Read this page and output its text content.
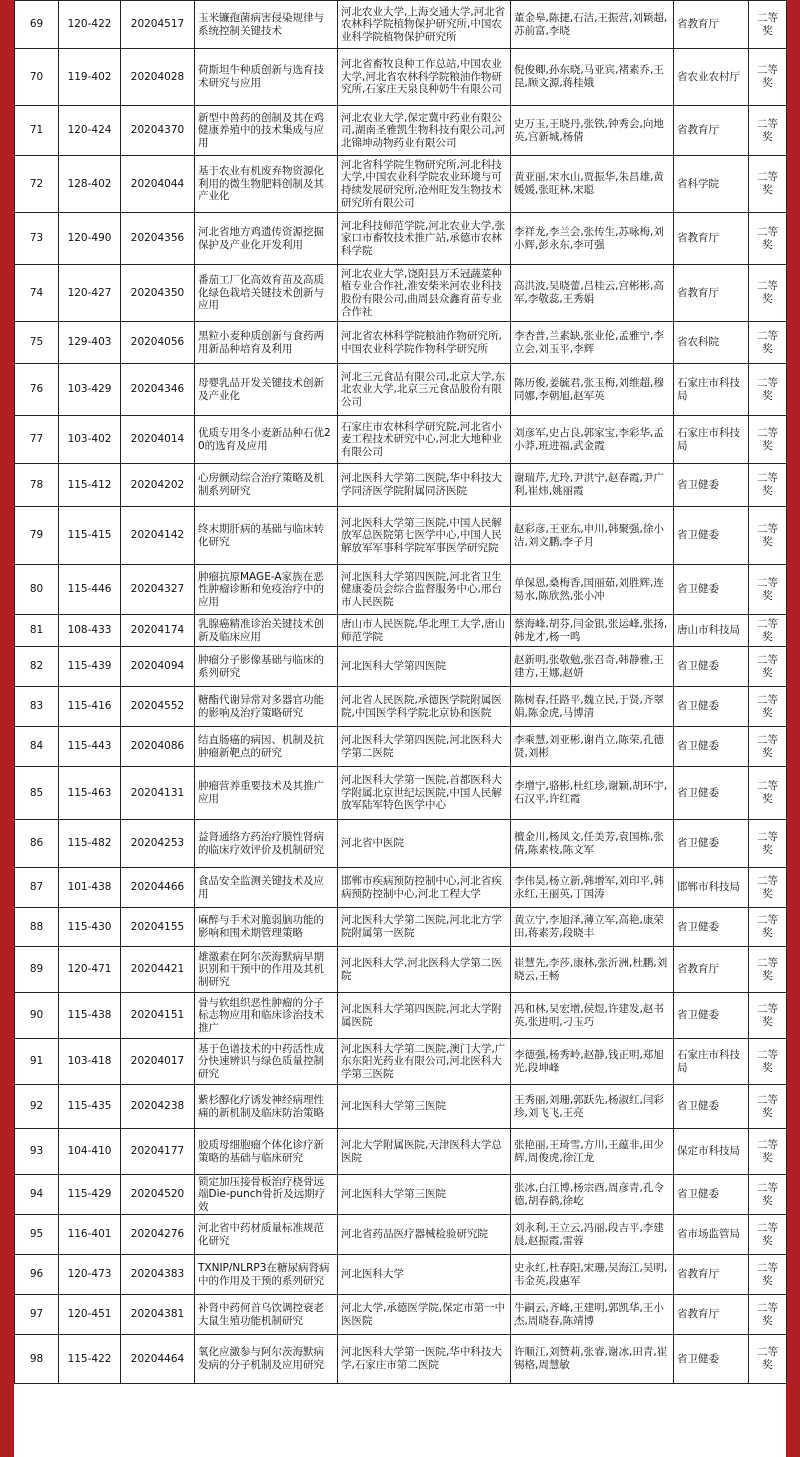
69	120-422	20204517	玉米镰孢菌病害侵染规律与系统控制关键技术	河北农业大学,上海交通大学,河北省农林科学院植物保护研究所,中国农业科学院植物保护研究所	董金皋,陈捷,石洁,王振营,刘颖超,苏前富,李晓	省教育厅	二等奖
70	119-402	20204028	荷斯坦牛种质创新与选育技术研究与应用	河北省畜牧良种工作总站,中国农业大学,河北省农林科学院粮油作物研究所,石家庄天泉良种奶牛有限公司	倪俊卿,孙东晓,马亚宾,褚素乔,王昆,顾文源,蒋桂娥	省农业农村厅	二等奖
71	120-424	20204370	新型中兽药的创制及其在鸡健康养殖中的技术集成与应用	河北农业大学,保定冀中药业有限公司,湖南圣雅凯生物科技有限公司,河北锦坤动物药业有限公司	史万玉,王晓丹,张铁,钟秀会,向地英,宫新城,杨倩	省教育厅	二等奖
72	128-402	20204044	基于农业有机废弃物资源化利用的微生物肥料创制及其产业化	河北省科学院生物研究所,河北科技大学,中国农业科学院农业环境与可持续发展研究所,沧州旺发生物技术研究所有限公司	黄亚丽,宋水山,贾振华,朱昌雄,黄媛媛,张旺林,宋聪	省科学院	二等奖
73	120-490	20204356	河北省地方鸡遗传资源挖掘保护及产业化开发利用	河北科技师范学院,河北农业大学,张家口市畜牧技术推广站,承德市农林科学院	李祥龙,李兰会,张传生,苏咏梅,刘小辉,彭永东,李可强	省教育厅	二等奖
74	120-427	20204350	番茄工厂化高效育苗及高质化绿色栽培关键技术创新与应用	河北农业大学,饶阳县万禾冠蔬菜种植专业合作社,淮安柴米河农业科技股份有限公司,曲周县众鑫育苗专业合作社	高洪波,吴晓蕾,吕桂云,宫彬彬,高军,李敬蕊,王秀娟	省教育厅	二等奖
75	129-403	20204056	黑粒小麦种质创新与食药两用新品种培育及利用	河北省农林科学院粮油作物研究所,中国农业科学院作物科学研究所	李杏普,兰素缺,张业伦,孟雅宁,李立会,刘玉平,李辉	省农科院	二等奖
76	103-429	20204346	母婴乳品开发关键技术创新及产业化	河北三元食品有限公司,北京大学,东北农业大学,北京三元食品股份有限公司	陈历俊,姜毓君,张玉梅,刘维超,穆同娜,李朝旭,赵军英	石家庄市科技局	二等奖
77	103-402	20204014	优质专用冬小麦新品种石优20的选育及应用	石家庄市农林科学研究院,河北省小麦工程技术研究中心,河北大地种业有限公司	刘彦军,史占良,郭家宝,李彩华,孟小莽,班进福,武金霞	石家庄市科技局	二等奖
78	115-412	20204202	心房颤动综合治疗策略及机制系列研究	河北医科大学第二医院,华中科技大学同济医学院附属同济医院	谢瑞芹,尤玲,尹洪宁,赵春霞,尹广利,崔炜,姚丽霞	省卫健委	二等奖
79	115-415	20204142	终末期肝病的基础与临床转化研究	河北医科大学第三医院,中国人民解放军总医院第七医学中心,中国人民解放军军事科学院军事医学研究院	赵彩彦,王亚东,申川,韩聚强,徐小洁,刘文鹏,李子月	省卫健委	二等奖
80	115-446	20204327	肿瘤抗原MAGE-A家族在恶性肿瘤诊断和免疫治疗中的应用	河北医科大学第四医院,河北省卫生健康委员会综合监督服务中心,邢台市人民医院	单保恩,桑梅香,国丽茹,刘胜辉,连易水,陈欣然,张小冲	省卫健委	二等奖
81	108-433	20204174	乳腺癌精准诊治关键技术创新及临床应用	唐山市人民医院,华北理工大学,唐山师范学院	蔡海峰,胡芬,闫金银,张运峰,张扬,韩龙才,杨一鸣	唐山市科技局	二等奖
82	115-439	20204094	肿瘤分子影像基础与临床的系列研究	河北医科大学第四医院	赵新明,张敬勉,张召奇,韩静雅,王建方,王娜,赵妍	省卫健委	二等奖
83	115-416	20204552	糖酯代谢异常对多器官功能的影响及治疗策略研究	河北省人民医院,承德医学院附属医院,中国医学科学院北京协和医院	陈树春,任路平,魏立民,于贤,齐翠娟,陈金虎,马博清	省卫健委	二等奖
84	115-443	20204086	结直肠癌的病因、机制及抗肿瘤新靶点的研究	河北医科大学第四医院,河北医科大学第二医院	李乘慧,刘亚彬,谢肖立,陈荣,孔德贤,刘彬	省卫健委	二等奖
85	115-463	20204131	肿瘤营养重要技术及其推广应用	河北医科大学第一医院,首都医科大学附属北京世纪坛医院,中国人民解放军陆军特色医学中心	李增宁,骆彬,杜红珍,谢颖,胡环宇,石汉平,许红霞	省卫健委	二等奖
86	115-482	20204253	益肾通络方药治疗膜性肾病的临床疗效评价及机制研究	河北省中医院	檀金川,杨凤文,任美芳,袁国栋,张倩,陈素枝,陈文军	省卫健委	二等奖
87	101-438	20204466	食品安全监测关键技术及应用	邯郸市疾病预防控制中心,河北省疾病预防控制中心,河北工程大学	李伟昊,杨立新,韩增军,刘印平,韩永红,王丽英,丁国涛	邯郸市科技局	二等奖
88	115-430	20204155	麻醉与手术对脆弱脑功能的影响和围术期管理策略	河北医科大学第二医院,河北北方学院附属第一医院	黄立宁,李旭泽,薄立军,高艳,康荣田,蒋素芳,段晓丰	省卫健委	二等奖
89	120-471	20204421	雄激素在阿尔茨海默病早期识别和干预中的作用及其机制研究	河北医科大学,河北医科大学第二医院	崔慧先,李莎,康林,张沂洲,杜鹏,刘晓云,王畅	省教育厅	二等奖
90	115-438	20204151	骨与软组织恶性肿瘤的分子标志物应用和临床诊治技术推广	河北医科大学第四医院,河北大学附属医院	冯和林,吴宏增,侯煜,许建发,赵书英,张进明,刁玉巧	省卫健委	二等奖
91	103-418	20204017	基于色谱技术的中药活性成分快速辨识与绿色质量控制研究	河北医科大学第二医院,澳门大学,广东东阳光药业有限公司,河北医科大学第三医院	李德强,杨秀岭,赵静,钱正明,郑旭光,段坤峰	石家庄市科技局	二等奖
92	115-435	20204238	紫杉醇化疗诱发神经病理性痛的新机制及临床防治策略	河北医科大学第三医院	王秀丽,刘珊,郭跃先,杨淑红,闫彩珍,刘飞飞,王亮	省卫健委	二等奖
93	104-410	20204177	胶质母细胞瘤个体化诊疗新策略的基础与临床研究	河北大学附属医院,天津医科大学总医院	张艳丽,王琦雪,方川,王蕴非,田少辉,周俊虎,徐江龙	保定市科技局	二等奖
94	115-429	20204520	锁定加压接骨板治疗桡骨远端Die-punch骨折及远期疗效	河北医科大学第三医院	张冰,白江博,杨宗酉,周彦青,孔令德,胡春鹤,徐屹	省卫健委	二等奖
95	116-401	20204276	河北省中药材质量标准规范化研究	河北省药品医疗器械检验研究院	刘永利,王立云,冯丽,段吉平,李建晨,赵振霞,雷蓉	省市场监管局	二等奖
96	120-473	20204383	TXNIP/NLRP3在糖尿病肾病中的作用及干预的系列研究	河北医科大学	史永红,杜春阳,宋珊,吴海江,吴明,韦金英,段惠军	省教育厅	二等奖
97	120-451	20204381	补肾中药何首乌饮调控衰老大鼠生殖功能机制研究	河北大学,承德医学院,保定市第一中医医院	牛嗣云,齐峰,王建明,郭凯华,王小杰,周晓春,陈靖博	省教育厅	二等奖
98	115-422	20204464	氧化应激参与阿尔茨海默病发病的分子机制及应用研究	河北医科大学第一医院,华中科技大学,石家庄市第二医院	许顺江,刘赞莉,张睿,谢冰,田青,崔锡格,周慧敏	省卫健委	二等奖
